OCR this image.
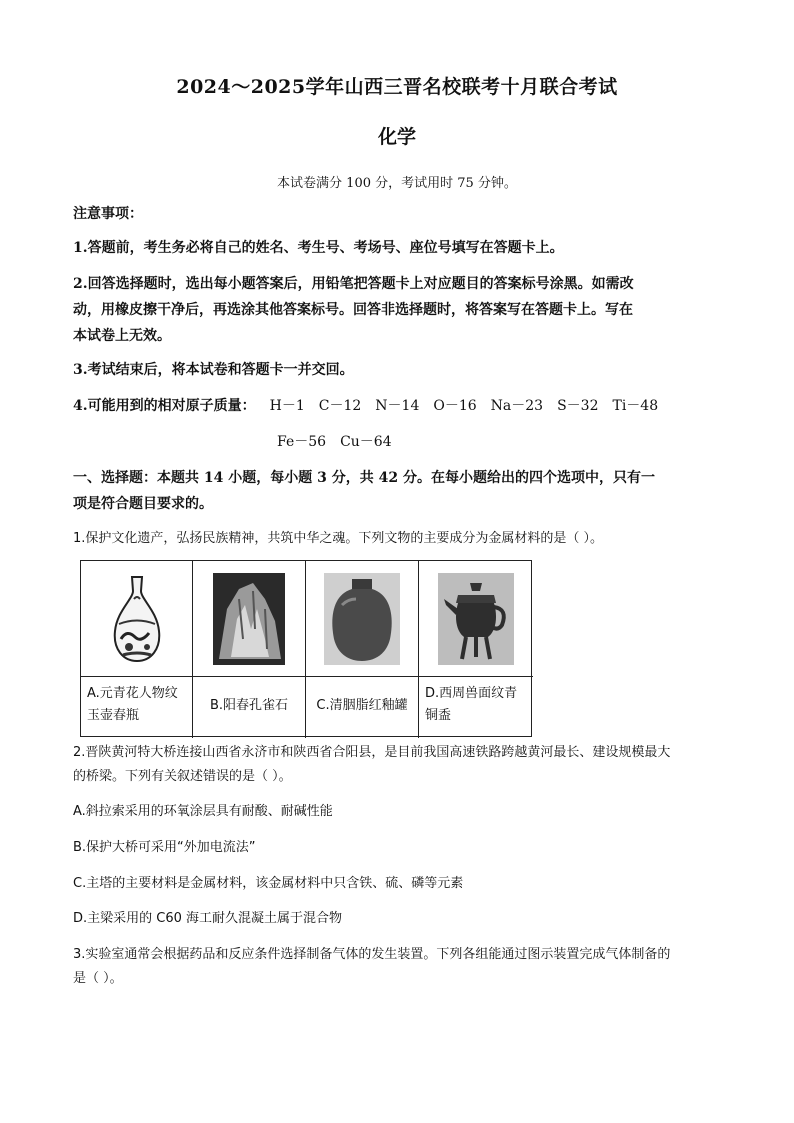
2024～2025学年山西三晋名校联考十月联合考试
化学
本试卷满分 100 分，考试用时 75 分钟。
注意事项：
1.答题前，考生务必将自己的姓名、考生号、考场号、座位号填写在答题卡上。
2.回答选择题时，选出每小题答案后，用铅笔把答题卡上对应题目的答案标号涂黑。如需改
动，用橡皮擦干净后，再选涂其他答案标号。回答非选择题时，将答案写在答题卡上。写在
本试卷上无效。
3.考试结束后，将本试卷和答题卡一并交回。
4.可能用到的相对原子质量： H－1 C－12 N－14 O－16 Na－23 S－32 Ti－48
Fe－56 Cu－64
一、选择题：本题共 14 小题，每小题 3 分，共 42 分。在每小题给出的四个选项中，只有一
项是符合题目要求的。
1.保护文化遗产，弘扬民族精神，共筑中华之魂。下列文物的主要成分为金属材料的是（ ）。
A.元青花人物纹
玉壶春瓶
B.阳春孔雀石	C.清胭脂红釉罐
D.西周兽面纹青
铜盉
2.晋陕黄河特大桥连接山西省永济市和陕西省合阳县，是目前我国高速铁路跨越黄河最长、建设规模最大
的桥梁。下列有关叙述错误的是（ ）。
A.斜拉索采用的环氧涂层具有耐酸、耐碱性能
B.保护大桥可采用“外加电流法”
C.主塔的主要材料是金属材料，该金属材料中只含铁、硫、磷等元素
D.主梁采用的 C60 海工耐久混凝土属于混合物
3.实验室通常会根据药品和反应条件选择制备气体的发生装置。下列各组能通过图示装置完成气体制备的
是（ ）。
